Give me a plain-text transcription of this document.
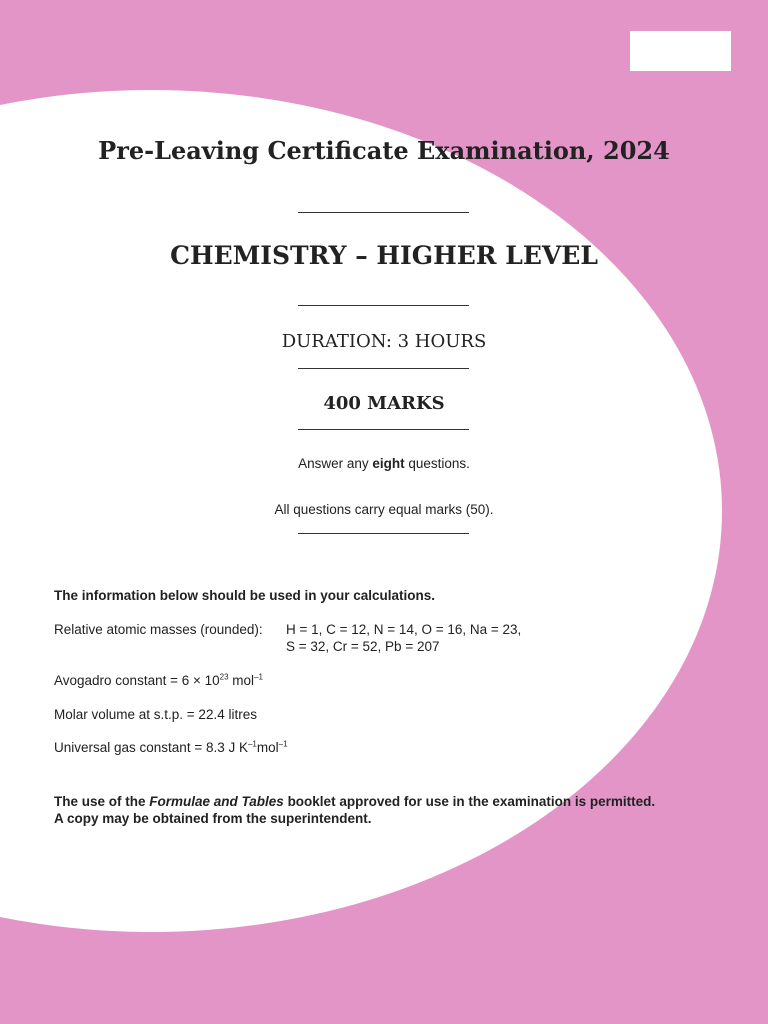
Pre-Leaving Certificate Examination, 2024
CHEMISTRY – HIGHER LEVEL
DURATION: 3 HOURS
400 MARKS
Answer any eight questions.
All questions carry equal marks (50).
The information below should be used in your calculations.
Relative atomic masses (rounded): H = 1, C = 12, N = 14, O = 16, Na = 23,
S = 32, Cr = 52, Pb = 207
Avogadro constant = $6 \times 10^{23}$ mol$^{-1}$
Molar volume at s.t.p. = 22.4 litres
Universal gas constant = 8.3 J $K^{-1}mol^{-1}$
The use of the Formulae and Tables booklet approved for use in the examination is permitted.
A copy may be obtained from the superintendent.
